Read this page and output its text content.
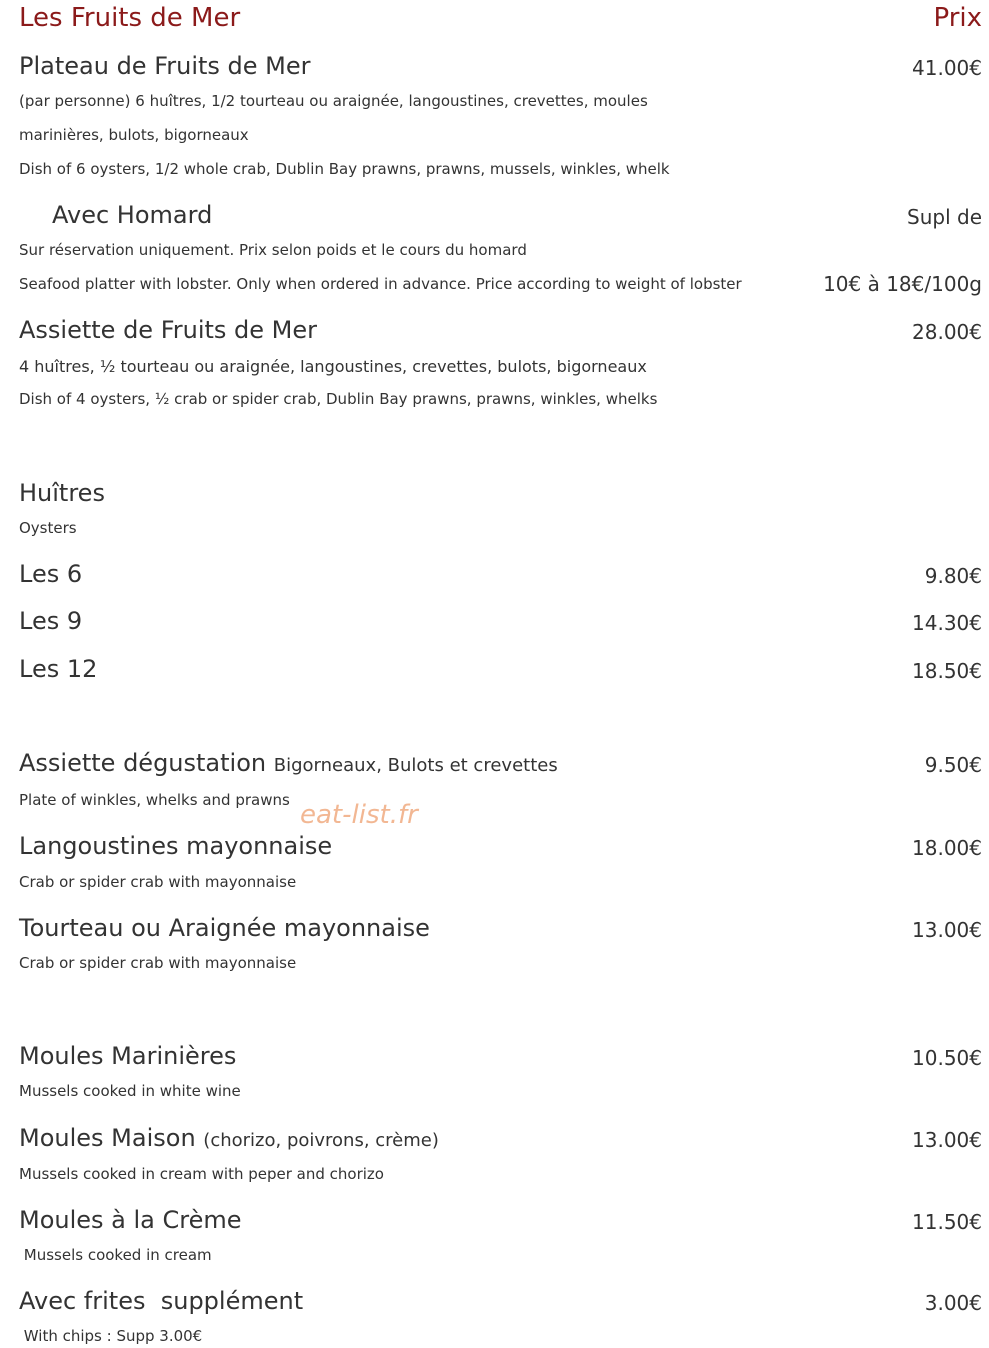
Les Fruits de Mer	Prix
Plateau de Fruits de Mer	41.00€
(par personne) 6 huîtres, 1/2 tourteau ou araignée, langoustines, crevettes, moules
marinières, bulots, bigorneaux
Dish of 6 oysters, 1/2 whole crab, Dublin Bay prawns, prawns, mussels, winkles, whelk
Avec Homard	Supl de
Sur réservation uniquement. Prix selon poids et le cours du homard
Seafood platter with lobster. Only when ordered in advance. Price according to weight of lobster	10€ à 18€/100g
Assiette de Fruits de Mer	28.00€
4 huîtres, ½ tourteau ou araignée, langoustines, crevettes, bulots, bigorneaux
Dish of 4 oysters, ½ crab or spider crab, Dublin Bay prawns, prawns, winkles, whelks
Huîtres
Oysters
Les 6	9.80€
Les 9	14.30€
Les 12	18.50€
Assiette dégustation Bigorneaux, Bulots et crevettes	9.50€
Plate of winkles, whelks and prawns eat-list.fr
Langoustines mayonnaise	18.00€
Crab or spider crab with mayonnaise
Tourteau ou Araignée mayonnaise	13.00€
Crab or spider crab with mayonnaise
Moules Marinières	10.50€
Mussels cooked in white wine
Moules Maison (chorizo, poivrons, crème)	13.00€
Mussels cooked in cream with peper and chorizo
Moules à la Crème	11.50€
Mussels cooked in cream
Avec frites  supplément	3.00€
With chips : Supp 3.00€
